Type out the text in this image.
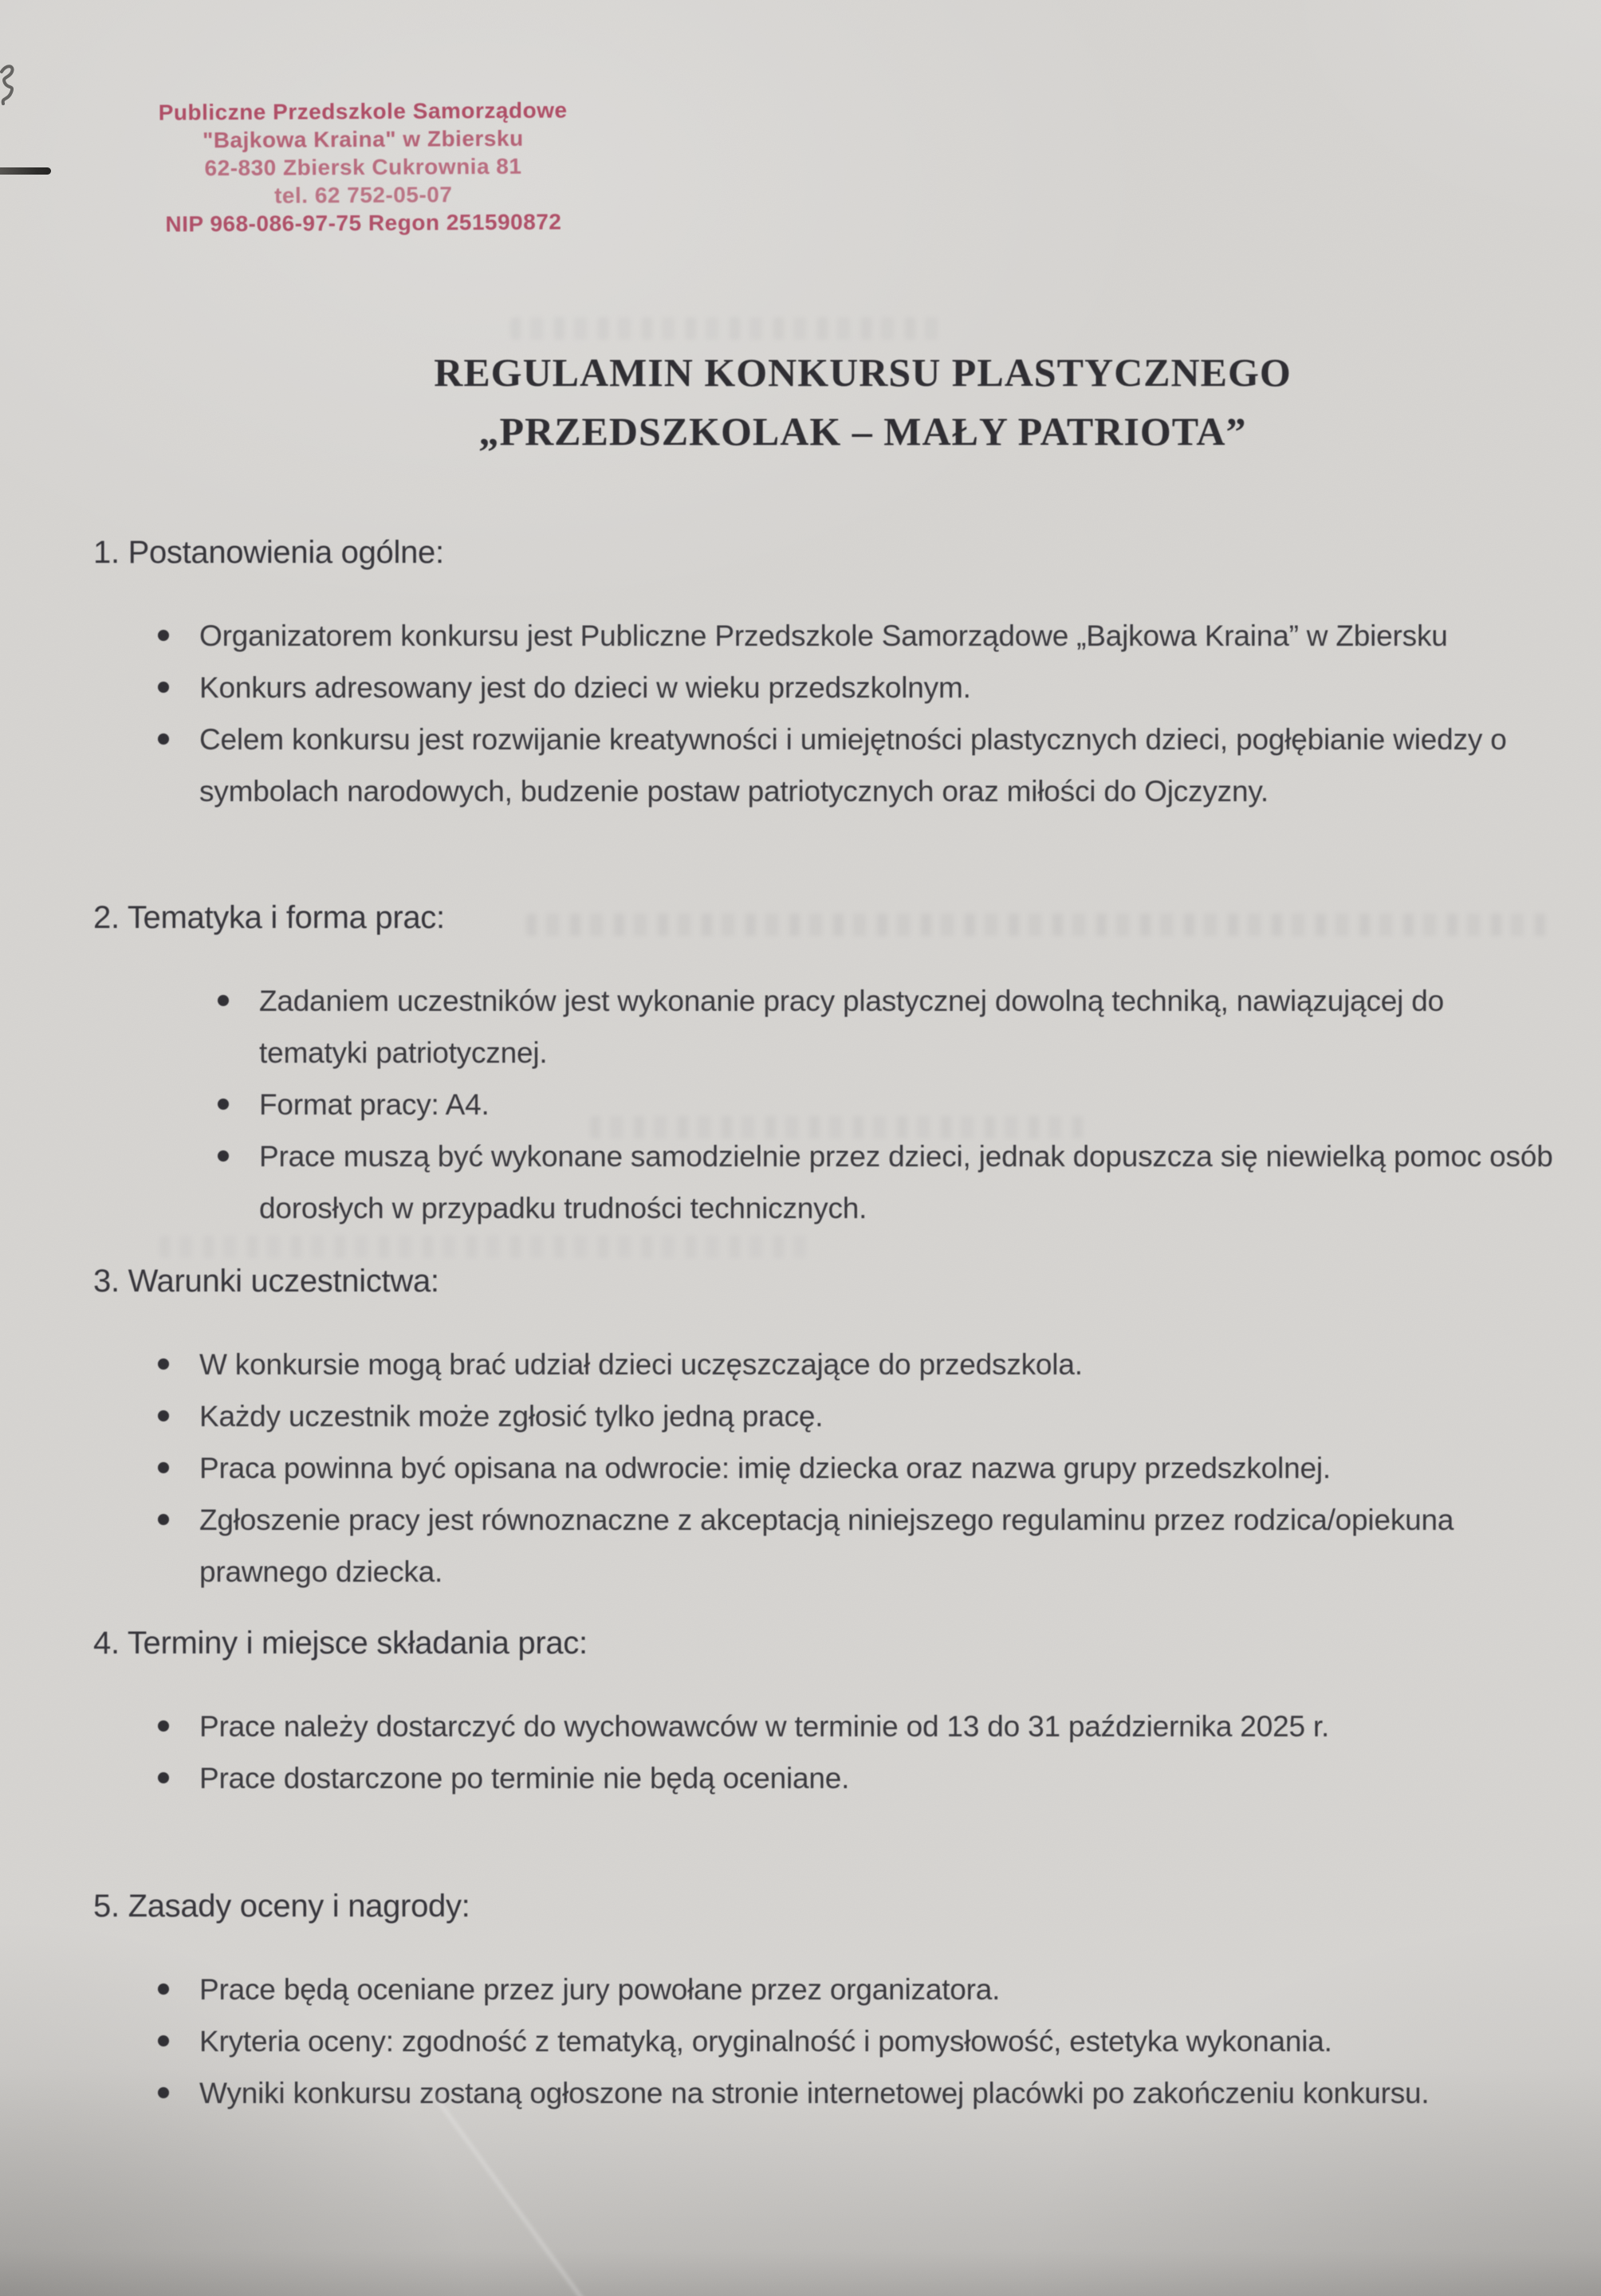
Publiczne Przedszkole Samorządowe
"Bajkowa Kraina" w Zbiersku
62-830 Zbiersk Cukrownia 81
tel. 62 752-05-07
NIP 968-086-97-75 Regon 251590872
REGULAMIN KONKURSU PLASTYCZNEGO
„PRZEDSZKOLAK – MAŁY PATRIOTA”
1. Postanowienia ogólne:
Organizatorem konkursu jest Publiczne Przedszkole Samorządowe „Bajkowa Kraina” w Zbiersku
Konkurs adresowany jest do dzieci w wieku przedszkolnym.
Celem konkursu jest rozwijanie kreatywności i umiejętności plastycznych dzieci, pogłębianie wiedzy o symbolach narodowych, budzenie postaw patriotycznych oraz miłości do Ojczyzny.
2. Tematyka i forma prac:
Zadaniem uczestników jest wykonanie pracy plastycznej dowolną techniką, nawiązującej do tematyki patriotycznej.
Format pracy: A4.
Prace muszą być wykonane samodzielnie przez dzieci, jednak dopuszcza się niewielką pomoc osób dorosłych w przypadku trudności technicznych.
3. Warunki uczestnictwa:
W konkursie mogą brać udział dzieci uczęszczające do przedszkola.
Każdy uczestnik może zgłosić tylko jedną pracę.
Praca powinna być opisana na odwrocie: imię dziecka oraz nazwa grupy przedszkolnej.
Zgłoszenie pracy jest równoznaczne z akceptacją niniejszego regulaminu przez rodzica/opiekuna prawnego dziecka.
4. Terminy i miejsce składania prac:
Prace należy dostarczyć do wychowawców w terminie od 13 do 31 października 2025 r.
Prace dostarczone po terminie nie będą oceniane.
5. Zasady oceny i nagrody:
Prace będą oceniane przez jury powołane przez organizatora.
Kryteria oceny: zgodność z tematyką, oryginalność i pomysłowość, estetyka wykonania.
Wyniki konkursu zostaną ogłoszone na stronie internetowej placówki po zakończeniu konkursu.
